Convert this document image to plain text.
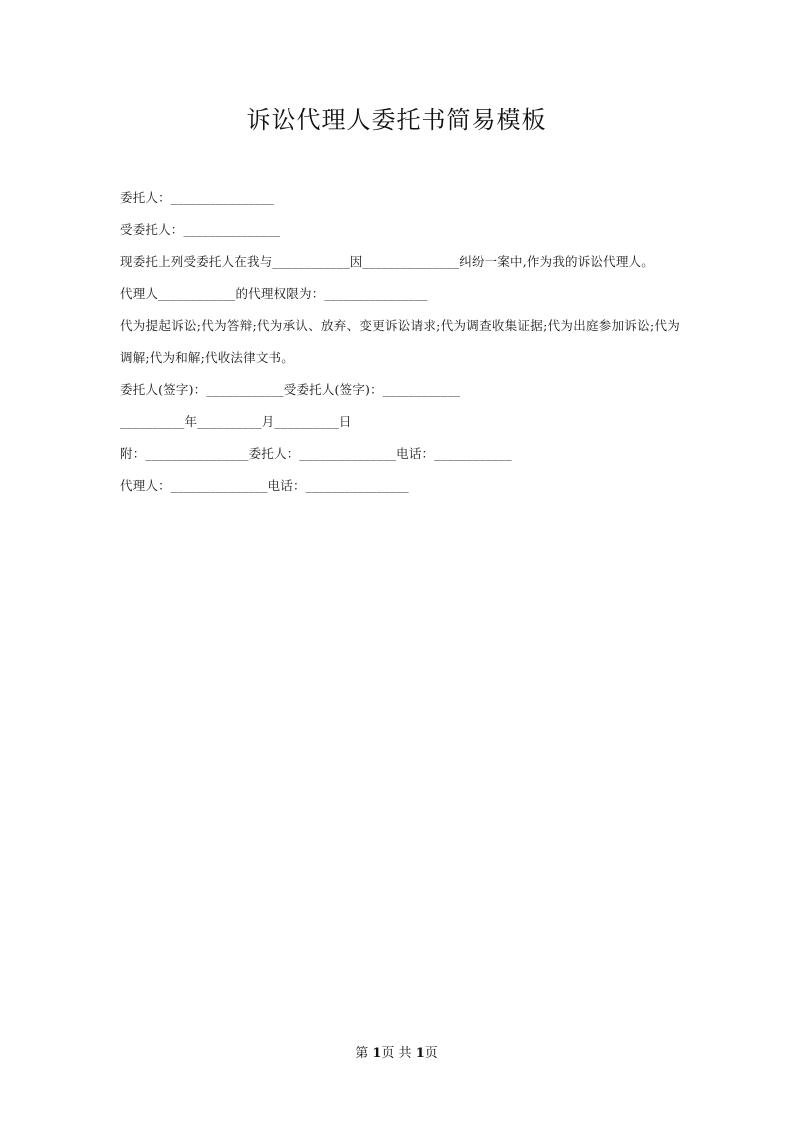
诉讼代理人委托书简易模板
委托人：________________
受委托人：_______________
现委托上列受委托人在我与____________因_______________纠纷一案中,作为我的诉讼代理人。
代理人____________的代理权限为：________________
代为提起诉讼;代为答辩;代为承认、放弃、变更诉讼请求;代为调查收集证据;代为出庭参加诉讼;代为调解;代为和解;代收法律文书。
委托人(签字)：____________受委托人(签字)：____________
__________年__________月__________日
附：________________委托人：_______________电话：____________
代理人：_______________电话：________________
第 1页 共 1页
